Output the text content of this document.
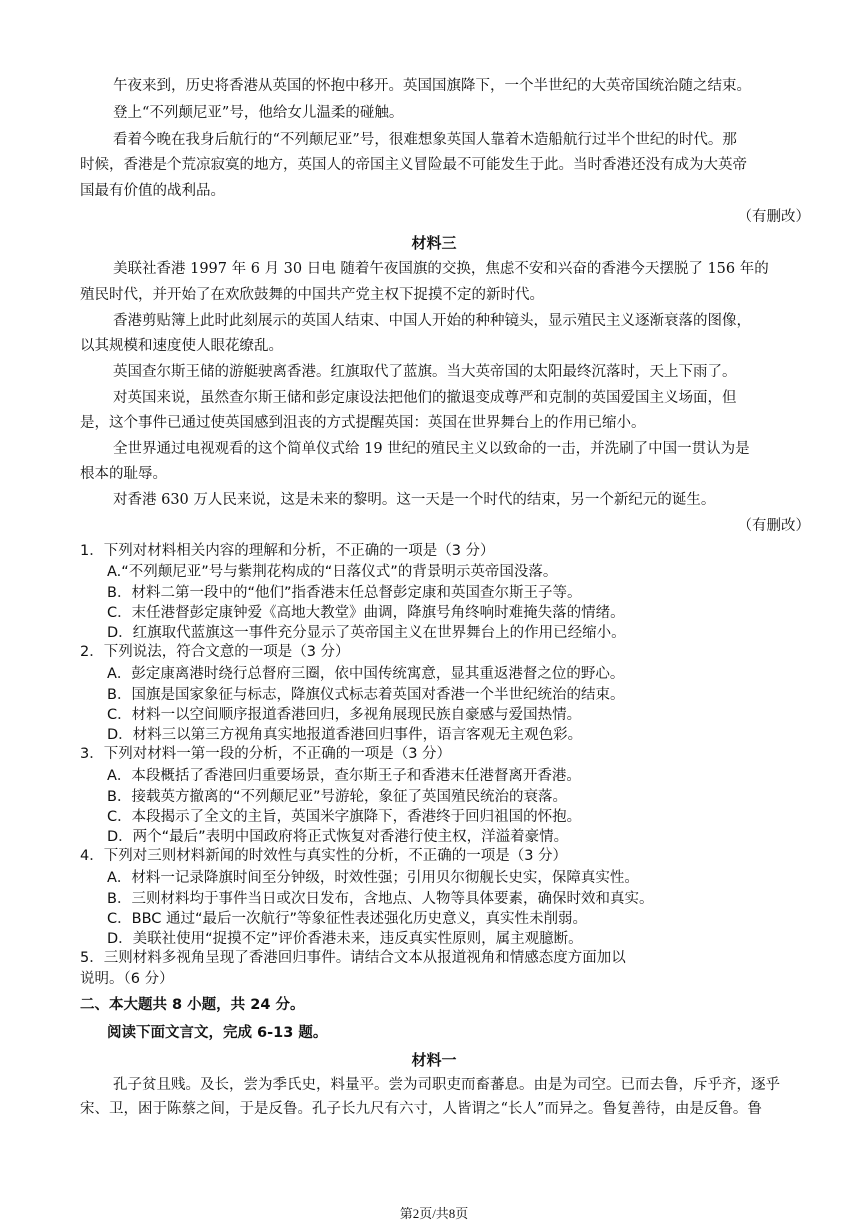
午夜来到，历史将香港从英国的怀抱中移开。英国国旗降下，一个半世纪的大英帝国统治随之结束。
登上“不列颠尼亚”号，他给女儿温柔的碰触。
看着今晚在我身后航行的“不列颠尼亚”号，很难想象英国人靠着木造船航行过半个世纪的时代。那
时候，香港是个荒凉寂寞的地方，英国人的帝国主义冒险最不可能发生于此。当时香港还没有成为大英帝
国最有价值的战利品。
（有删改）
材料三
美联社香港 1997 年 6 月 30 日电 随着午夜国旗的交换，焦虑不安和兴奋的香港今天摆脱了 156 年的
殖民时代，并开始了在欢欣鼓舞的中国共产党主权下捉摸不定的新时代。
香港剪贴簿上此时此刻展示的英国人结束、中国人开始的种种镜头，显示殖民主义逐渐衰落的图像，
以其规模和速度使人眼花缭乱。
英国查尔斯王储的游艇驶离香港。红旗取代了蓝旗。当大英帝国的太阳最终沉落时，天上下雨了。
对英国来说，虽然查尔斯王储和彭定康设法把他们的撤退变成尊严和克制的英国爱国主义场面，但
是，这个事件已通过使英国感到沮丧的方式提醒英国：英国在世界舞台上的作用已缩小。
全世界通过电视观看的这个简单仪式给 19 世纪的殖民主义以致命的一击，并洗刷了中国一贯认为是
根本的耻辱。
对香港 630 万人民来说，这是未来的黎明。这一天是一个时代的结束，另一个新纪元的诞生。
（有删改）
1．下列对材料相关内容的理解和分析，不正确的一项是（3 分）
A.“不列颠尼亚”号与紫荆花构成的“日落仪式”的背景明示英帝国没落。
B．材料二第一段中的“他们”指香港末任总督彭定康和英国查尔斯王子等。
C．末任港督彭定康钟爱《高地大教堂》曲调，降旗号角终响时难掩失落的情绪。
D．红旗取代蓝旗这一事件充分显示了英帝国主义在世界舞台上的作用已经缩小。
2．下列说法，符合文意的一项是（3 分）
A．彭定康离港时绕行总督府三圈，依中国传统寓意，显其重返港督之位的野心。
B．国旗是国家象征与标志，降旗仪式标志着英国对香港一个半世纪统治的结束。
C．材料一以空间顺序报道香港回归，多视角展现民族自豪感与爱国热情。
D．材料三以第三方视角真实地报道香港回归事件，语言客观无主观色彩。
3．下列对材料一第一段的分析，不正确的一项是（3 分）
A．本段概括了香港回归重要场景，查尔斯王子和香港末任港督离开香港。
B．接载英方撤离的“不列颠尼亚”号游轮，象征了英国殖民统治的衰落。
C．本段揭示了全文的主旨，英国米字旗降下，香港终于回归祖国的怀抱。
D．两个“最后”表明中国政府将正式恢复对香港行使主权，洋溢着豪情。
4．下列对三则材料新闻的时效性与真实性的分析，不正确的一项是（3 分）
A．材料一记录降旗时间至分钟级，时效性强；引用贝尔彻舰长史实，保障真实性。
B．三则材料均于事件当日或次日发布，含地点、人物等具体要素，确保时效和真实。
C．BBC 通过“最后一次航行”等象征性表述强化历史意义，真实性未削弱。
D．美联社使用“捉摸不定”评价香港未来，违反真实性原则，属主观臆断。
5．三则材料多视角呈现了香港回归事件。请结合文本从报道视角和情感态度方面加以
说明。（6 分）
二、本大题共 8 小题，共 24 分。
阅读下面文言文，完成 6-13 题。
材料一
孔子贫且贱。及长，尝为季氏史，料量平。尝为司职吏而畜蕃息。由是为司空。已而去鲁，斥乎齐，逐乎
宋、卫，困于陈蔡之间，于是反鲁。孔子长九尺有六寸，人皆谓之“长人”而异之。鲁复善待，由是反鲁。鲁
第2页/共8页
